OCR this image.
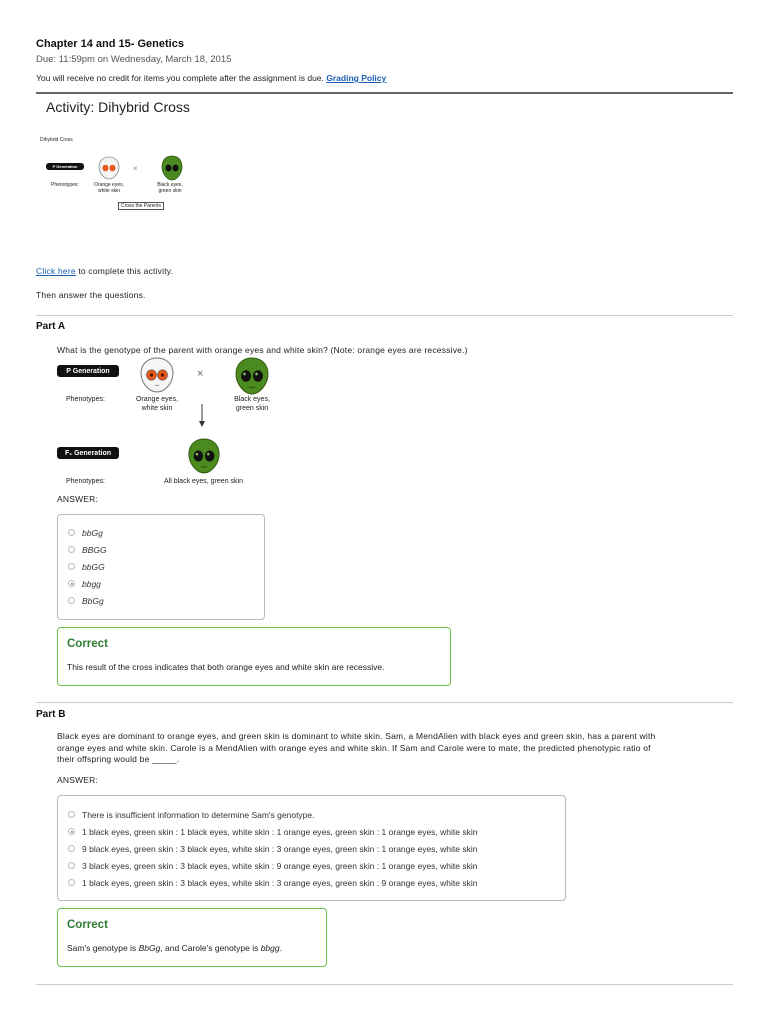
Chapter 14 and 15- Genetics
Due: 11:59pm on Wednesday, March 18, 2015
You will receive no credit for items you complete after the assignment is due. Grading Policy
Activity: Dihybrid Cross
Dihybrid Cross
P Generation
Phenotypes:	Orange eyes, white skin
×
Black eyes, green skin
Cross the Parents
Click here to complete this activity.
Then answer the questions.
Part A
What is the genotype of the parent with orange eyes and white skin? (Note: orange eyes are recessive.)
P Generation
Phenotypes:	Orange eyes,
white skin
×
Black eyes,
green skin
F₁ Generation
Phenotypes:	All black eyes, green skin
ANSWER:
bbGg
BBGG
bbGG
bbgg
BbGg
Correct
This result of the cross indicates that both orange eyes and white skin are recessive.
Part B
Black eyes are dominant to orange eyes, and green skin is dominant to white skin. Sam, a MendAlien with black eyes and green skin, has a parent with
orange eyes and white skin. Carole is a MendAlien with orange eyes and white skin. If Sam and Carole were to mate, the predicted phenotypic ratio of
their offspring would be _____.
ANSWER:
There is insufficient information to determine Sam's genotype.
1 black eyes, green skin : 1 black eyes, white skin : 1 orange eyes, green skin : 1 orange eyes, white skin
9 black eyes, green skin : 3 black eyes, white skin : 3 orange eyes, green skin : 1 orange eyes, white skin
3 black eyes, green skin : 3 black eyes, white skin : 9 orange eyes, green skin : 1 orange eyes, white skin
1 black eyes, green skin : 3 black eyes, white skin : 3 orange eyes, green skin : 9 orange eyes, white skin
Correct
Sam's genotype is BbGg, and Carole's genotype is bbgg.
